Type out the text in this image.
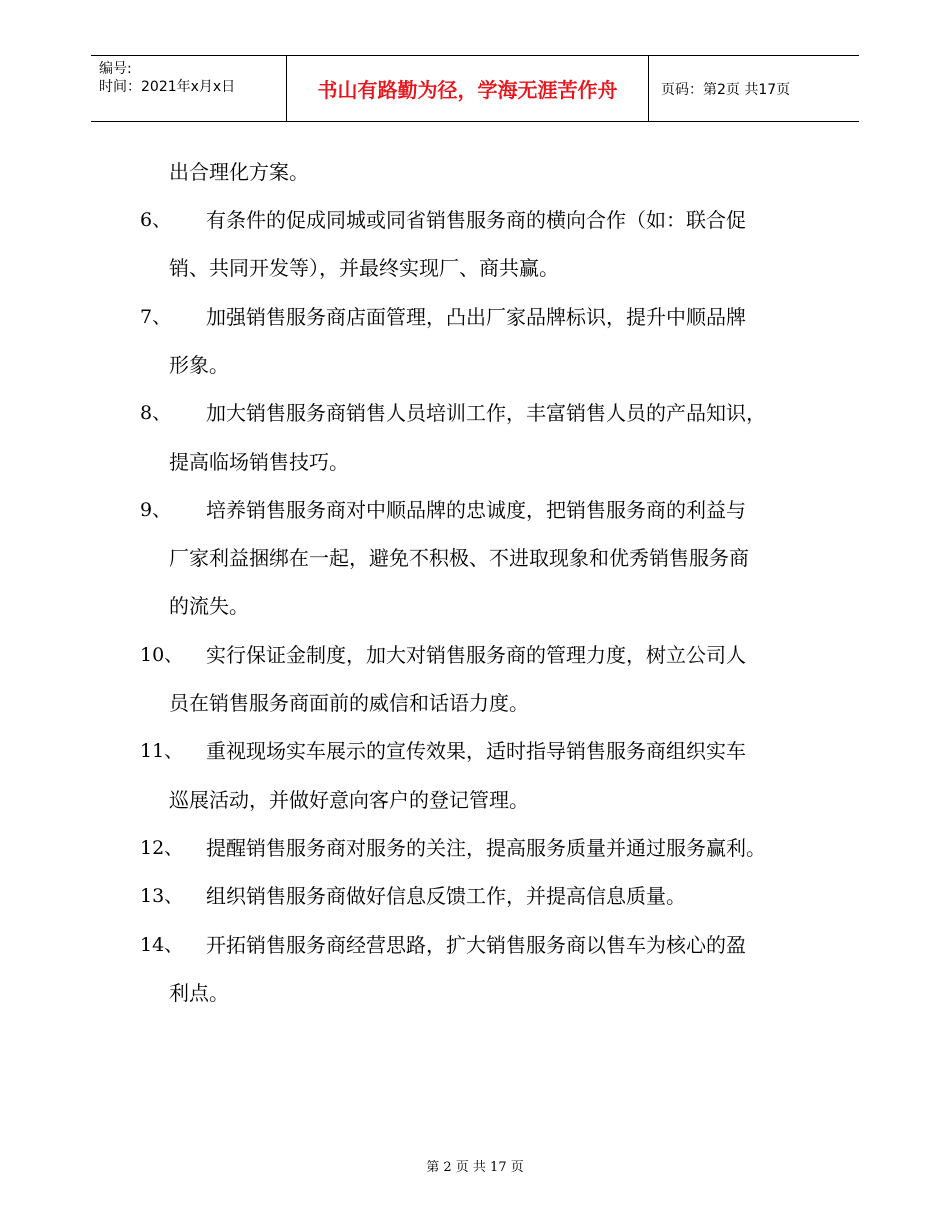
编号:
时间：2021年x月x日	书山有路勤为径，学海无涯苦作舟	页码：第2页 共17页
出合理化方案。
6、 有条件的促成同城或同省销售服务商的横向合作（如：联合促
销、共同开发等），并最终实现厂、商共赢。
7、 加强销售服务商店面管理，凸出厂家品牌标识，提升中顺品牌
形象。
8、 加大销售服务商销售人员培训工作，丰富销售人员的产品知识，
提高临场销售技巧。
9、 培养销售服务商对中顺品牌的忠诚度，把销售服务商的利益与
厂家利益捆绑在一起，避免不积极、不进取现象和优秀销售服务商
的流失。
10、 实行保证金制度，加大对销售服务商的管理力度，树立公司人
员在销售服务商面前的威信和话语力度。
11、 重视现场实车展示的宣传效果，适时指导销售服务商组织实车
巡展活动，并做好意向客户的登记管理。
12、 提醒销售服务商对服务的关注，提高服务质量并通过服务赢利。
13、 组织销售服务商做好信息反馈工作，并提高信息质量。
14、 开拓销售服务商经营思路，扩大销售服务商以售车为核心的盈
利点。
第 2 页 共 17 页
